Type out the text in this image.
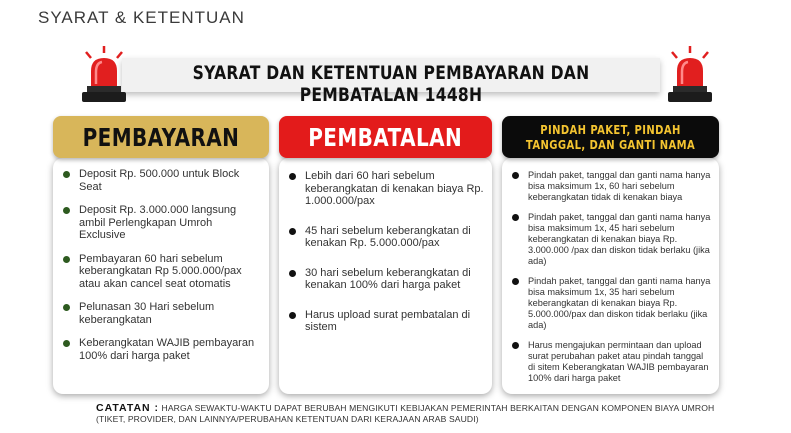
SYARAT & KETENTUAN
SYARAT DAN KETENTUAN PEMBAYARAN DAN PEMBATALAN 1448H
Deposit Rp. 500.000 untuk Block Seat
Deposit Rp. 3.000.000 langsung ambil Perlengkapan Umroh Exclusive
Pembayaran 60 hari sebelum keberangkatan Rp 5.000.000/pax atau akan cancel seat otomatis
Pelunasan 30 Hari sebelum keberangkatan
Keberangkatan WAJIB pembayaran 100% dari harga paket
PEMBAYARAN
Lebih dari 60 hari sebelum keberangkatan di kenakan biaya Rp. 1.000.000/pax
45 hari sebelum keberangkatan di kenakan Rp. 5.000.000/pax
30 hari sebelum keberangkatan di kenakan 100% dari harga paket
Harus upload surat pembatalan di sistem
PEMBATALAN
Pindah paket, tanggal dan ganti nama hanya bisa maksimum 1x, 60 hari sebelum keberangkatan tidak di kenakan biaya
Pindah paket, tanggal dan ganti nama hanya bisa maksimum 1x, 45 hari sebelum keberangkatan di kenakan biaya Rp. 3.000.000 /pax dan diskon tidak berlaku (jika ada)
Pindah paket, tanggal dan ganti nama hanya bisa maksimum 1x, 35 hari sebelum keberangkatan di kenakan biaya Rp. 5.000.000/pax dan diskon tidak berlaku (jika ada)
Harus mengajukan permintaan dan upload surat perubahan paket atau pindah tanggal di sitem Keberangkatan WAJIB pembayaran 100% dari harga paket
PINDAH PAKET, PINDAH TANGGAL, DAN GANTI NAMA
CATATAN : HARGA SEWAKTU-WAKTU DAPAT BERUBAH MENGIKUTI KEBIJAKAN PEMERINTAH BERKAITAN DENGAN KOMPONEN BIAYA UMROH (TIKET, PROVIDER, DAN LAINNYA/PERUBAHAN KETENTUAN DARI KERAJAAN ARAB SAUDI)
